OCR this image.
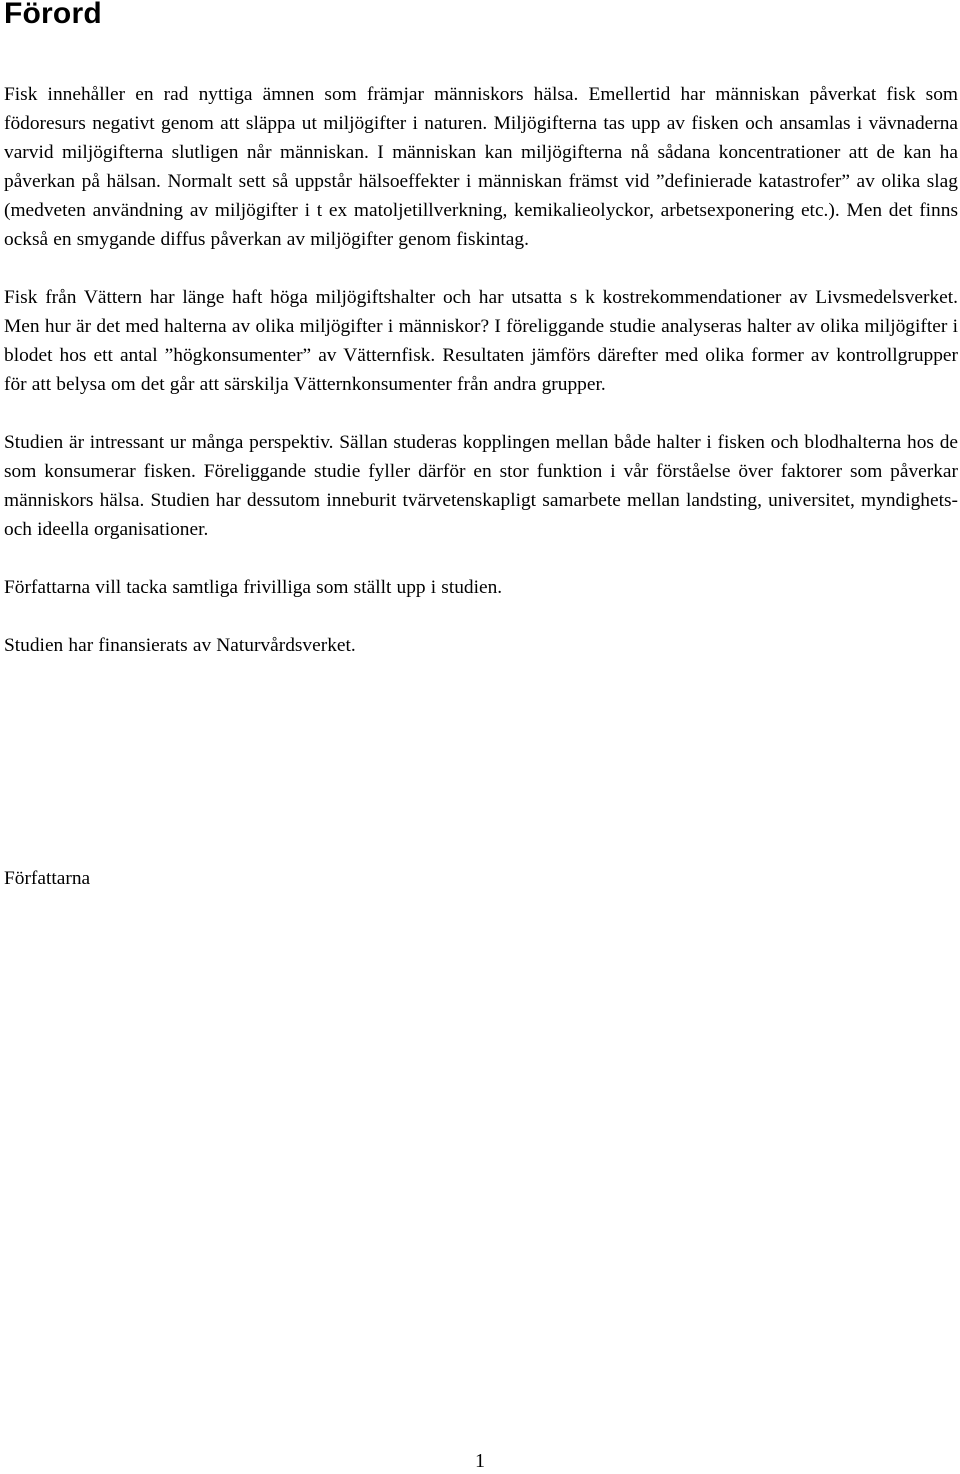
Förord

Fisk innehåller en rad nyttiga ämnen som främjar människors hälsa. Emellertid har människan påverkat fisk som födoresurs negativt genom att släppa ut miljögifter i naturen. Miljögifterna tas upp av fisken och ansamlas i vävnaderna varvid miljögifterna slutligen når människan. I människan kan miljögifterna nå sådana koncentrationer att de kan ha påverkan på hälsan. Normalt sett så uppstår hälsoeffekter i människan främst vid ”definierade katastrofer” av olika slag (medveten användning av miljögifter i t ex matoljetillverkning, kemikalieolyckor, arbetsexponering etc.). Men det finns också en smygande diffus påverkan av miljögifter genom fiskintag.

Fisk från Vättern har länge haft höga miljögiftshalter och har utsatta s k kostrekommendationer av Livsmedelsverket. Men hur är det med halterna av olika miljögifter i människor? I föreliggande studie analyseras halter av olika miljögifter i blodet hos ett antal ”högkonsumenter” av Vätternfisk. Resultaten jämförs därefter med olika former av kontrollgrupper för att belysa om det går att särskilja Vätternkonsumenter från andra grupper.

Studien är intressant ur många perspektiv. Sällan studeras kopplingen mellan både halter i fisken och blodhalterna hos de som konsumerar fisken. Föreliggande studie fyller därför en stor funktion i vår förståelse över faktorer som påverkar människors hälsa. Studien har dessutom inneburit tvärvetenskapligt samarbete mellan landsting, universitet, myndighets- och ideella organisationer.

Författarna vill tacka samtliga frivilliga som ställt upp i studien.

Studien har finansierats av Naturvårdsverket.

Författarna

1
